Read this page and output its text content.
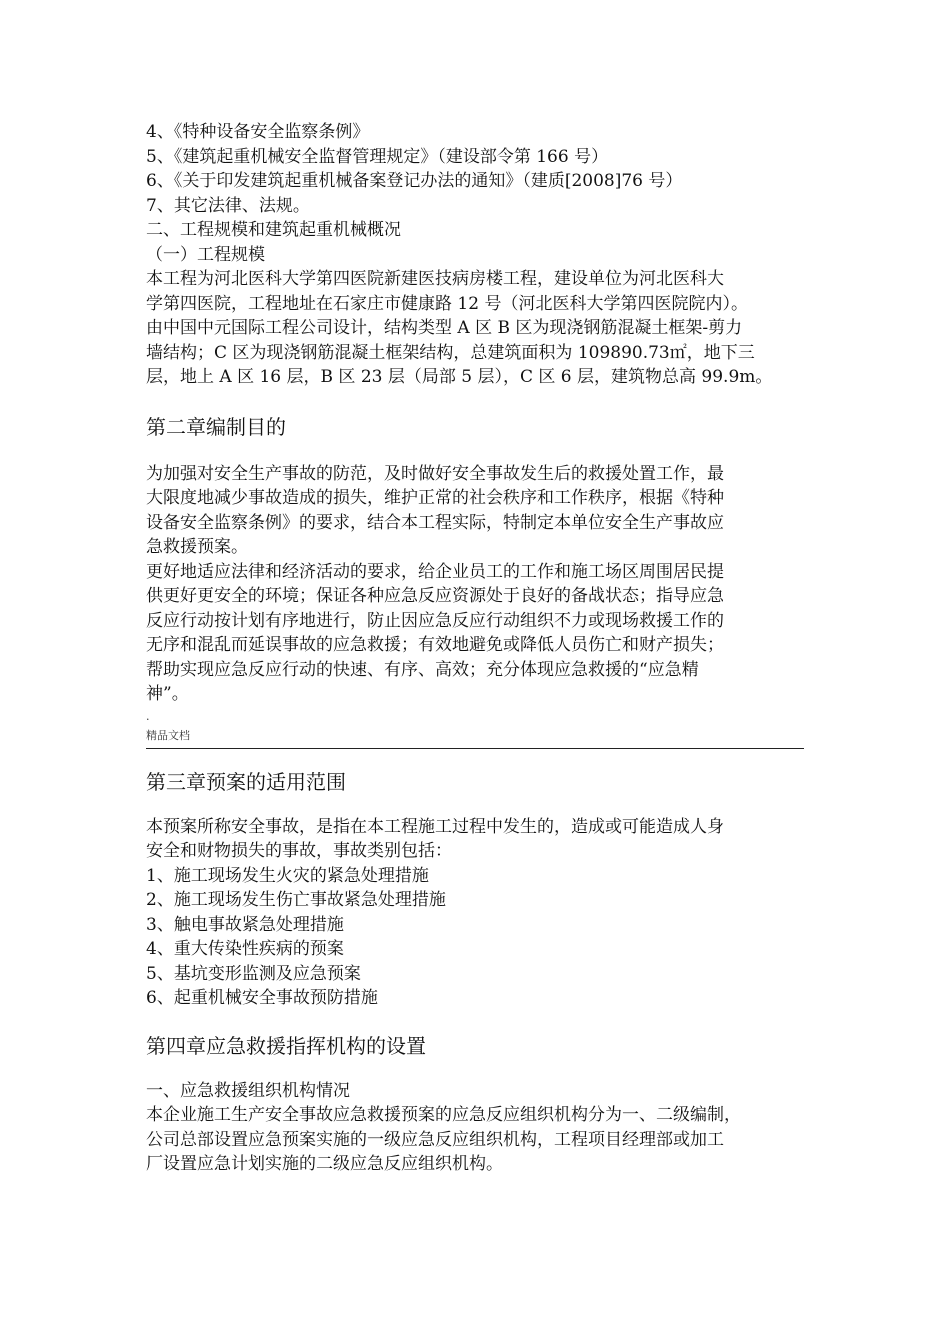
4、《特种设备安全监察条例》
5、《建筑起重机械安全监督管理规定》（建设部令第 166 号）
6、《关于印发建筑起重机械备案登记办法的通知》（建质[2008]76 号）
7、其它法律、法规。
二、工程规模和建筑起重机械概况
（一）工程规模
本工程为河北医科大学第四医院新建医技病房楼工程，建设单位为河北医科大
学第四医院，工程地址在石家庄市健康路 12 号（河北医科大学第四医院院内）。
由中国中元国际工程公司设计，结构类型 A 区 B 区为现浇钢筋混凝土框架-剪力
墙结构；C 区为现浇钢筋混凝土框架结构，总建筑面积为 109890.73㎡，地下三
层，地上 A 区 16 层，B 区 23 层（局部 5 层），C 区 6 层，建筑物总高 99.9m。
第二章编制目的
为加强对安全生产事故的防范，及时做好安全事故发生后的救援处置工作，最
大限度地减少事故造成的损失，维护正常的社会秩序和工作秩序，根据《特种
设备安全监察条例》的要求，结合本工程实际，特制定本单位安全生产事故应
急救援预案。
更好地适应法律和经济活动的要求，给企业员工的工作和施工场区周围居民提
供更好更安全的环境；保证各种应急反应资源处于良好的备战状态；指导应急
反应行动按计划有序地进行，防止因应急反应行动组织不力或现场救援工作的
无序和混乱而延误事故的应急救援；有效地避免或降低人员伤亡和财产损失；
帮助实现应急反应行动的快速、有序、高效；充分体现应急救援的“应急精
神”。
.
精品文档
第三章预案的适用范围
本预案所称安全事故，是指在本工程施工过程中发生的，造成或可能造成人身
安全和财物损失的事故，事故类别包括：
1、施工现场发生火灾的紧急处理措施
2、施工现场发生伤亡事故紧急处理措施
3、触电事故紧急处理措施
4、重大传染性疾病的预案
5、基坑变形监测及应急预案
6、起重机械安全事故预防措施
第四章应急救援指挥机构的设置
一、应急救援组织机构情况
本企业施工生产安全事故应急救援预案的应急反应组织机构分为一、二级编制，
公司总部设置应急预案实施的一级应急反应组织机构，工程项目经理部或加工
厂设置应急计划实施的二级应急反应组织机构。
